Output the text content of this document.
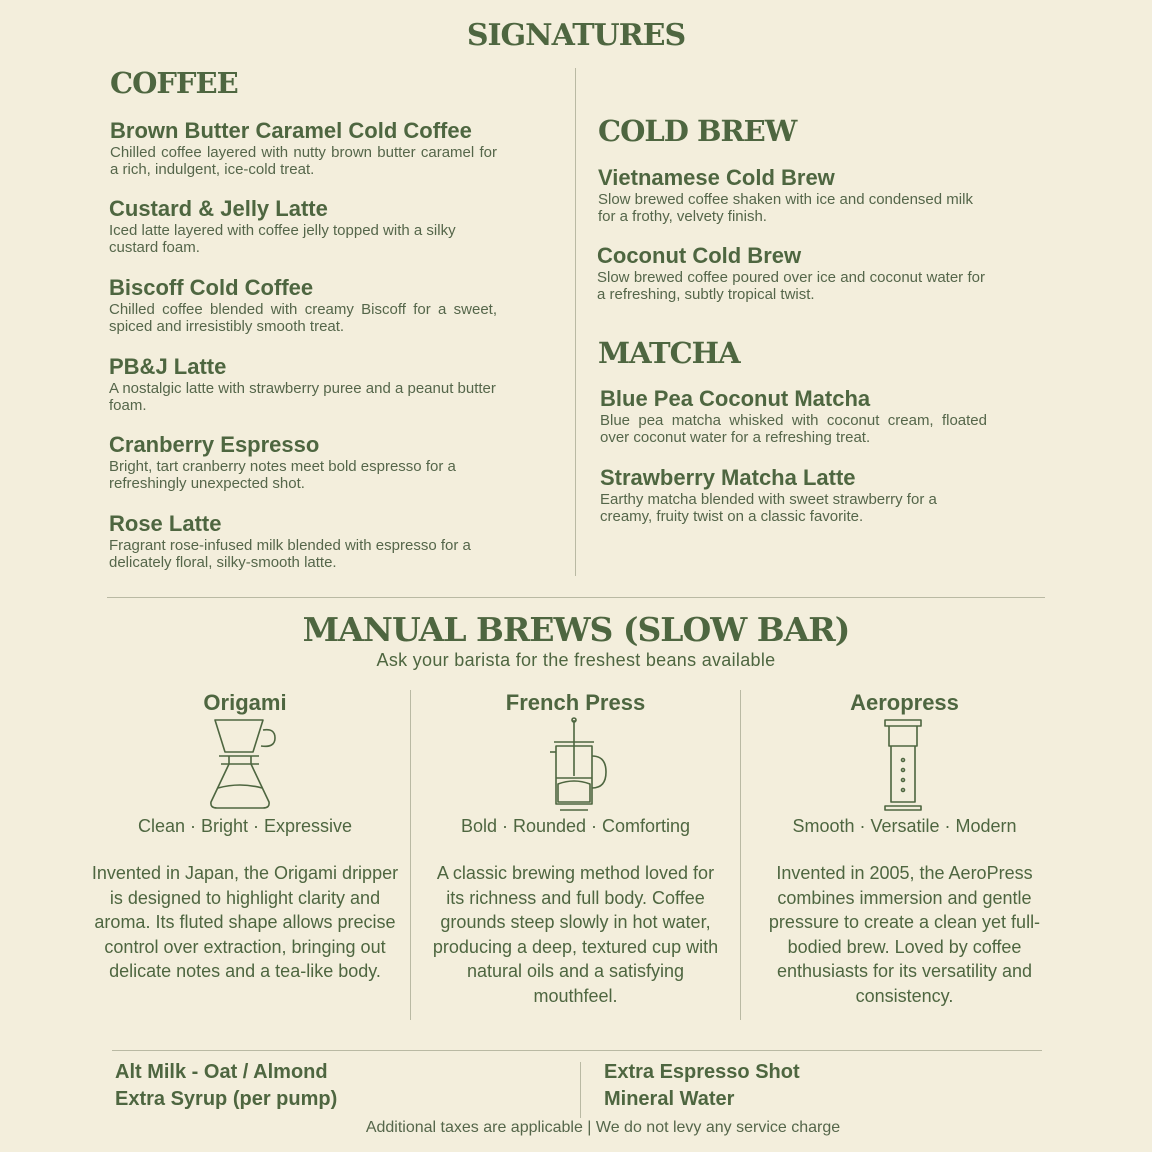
SIGNATURES
COFFEE
Brown Butter Caramel Cold Coffee
Chilled coffee layered with nutty brown butter caramel for a rich, indulgent, ice-cold treat.
Custard & Jelly Latte
Iced latte layered with coffee jelly topped with a silky custard foam.
Biscoff Cold Coffee
Chilled coffee blended with creamy Biscoff for a sweet, spiced and irresistibly smooth treat.
PB&J Latte
A nostalgic latte with strawberry puree and a peanut butter foam.
Cranberry Espresso
Bright, tart cranberry notes meet bold espresso for a refreshingly unexpected shot.
Rose Latte
Fragrant rose-infused milk blended with espresso for a delicately floral, silky-smooth latte.
COLD BREW
Vietnamese Cold Brew
Slow brewed coffee shaken with ice and condensed milk for a frothy, velvety finish.
Coconut Cold Brew
Slow brewed coffee poured over ice and coconut water for a refreshing, subtly tropical twist.
MATCHA
Blue Pea Coconut Matcha
Blue pea matcha whisked with coconut cream, floated over coconut water for a refreshing treat.
Strawberry Matcha Latte
Earthy matcha blended with sweet strawberry for a creamy, fruity twist on a classic favorite.
MANUAL BREWS (SLOW BAR)
Ask your barista for the freshest beans available
Origami
Clean · Bright · Expressive
Invented in Japan, the Origami dripper is designed to highlight clarity and aroma. Its fluted shape allows precise control over extraction, bringing out delicate notes and a tea-like body.
French Press
Bold · Rounded · Comforting
A classic brewing method loved for its richness and full body. Coffee grounds steep slowly in hot water, producing a deep, textured cup with natural oils and a satisfying mouthfeel.
Aeropress
Smooth · Versatile · Modern
Invented in 2005, the AeroPress combines immersion and gentle pressure to create a clean yet full-bodied brew. Loved by coffee enthusiasts for its versatility and consistency.
Alt Milk - Oat / Almond
Extra Syrup (per pump)
Extra Espresso Shot
Mineral Water
Additional taxes are applicable | We do not levy any service charge
